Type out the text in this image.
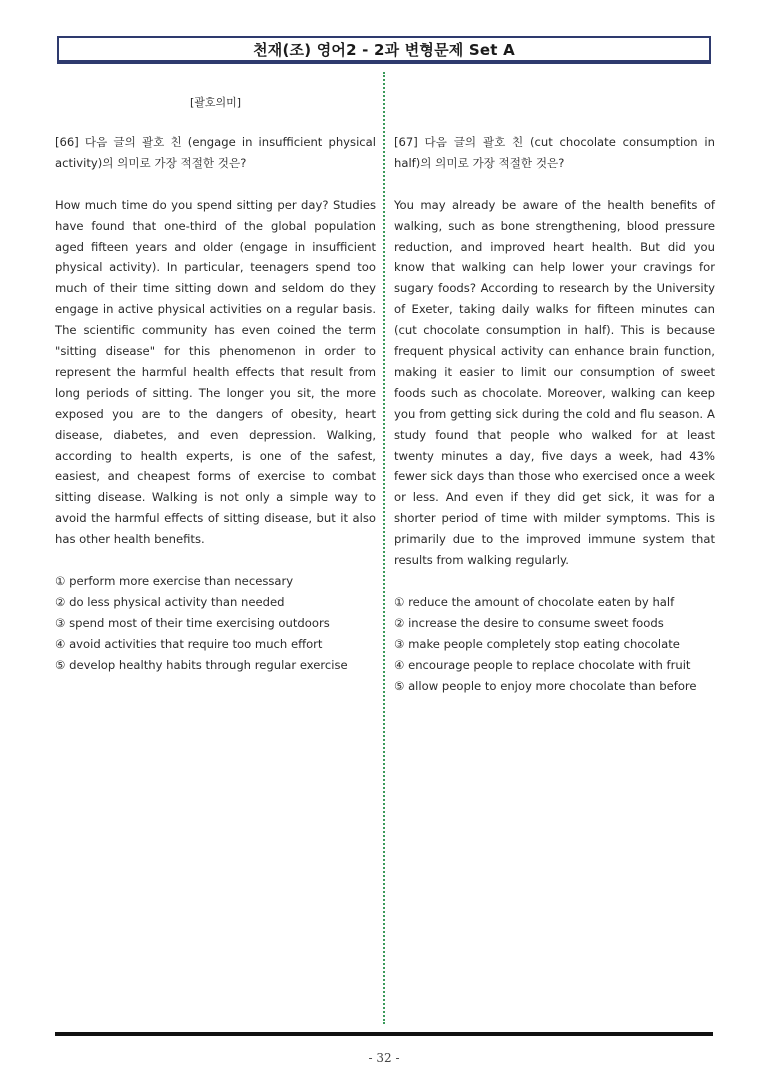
천재(조) 영어2 - 2과 변형문제 Set A
[괄호의미]

[66] 다음 글의 괄호 친 (engage in insufficient physical activity)의 의미로 가장 적절한 것은?

How much time do you spend sitting per day? Studies have found that one-third of the global population aged fifteen years and older (engage in insufficient physical activity). In particular, teenagers spend too much of their time sitting down and seldom do they engage in active physical activities on a regular basis. The scientific community has even coined the term "sitting disease" for this phenomenon in order to represent the harmful health effects that result from long periods of sitting. The longer you sit, the more exposed you are to the dangers of obesity, heart disease, diabetes, and even depression. Walking, according to health experts, is one of the safest, easiest, and cheapest forms of exercise to combat sitting disease. Walking is not only a simple way to avoid the harmful effects of sitting disease, but it also has other health benefits.

① perform more exercise than necessary
② do less physical activity than needed
③ spend most of their time exercising outdoors
④ avoid activities that require too much effort
⑤ develop healthy habits through regular exercise

[67] 다음 글의 괄호 친 (cut chocolate consumption in half)의 의미로 가장 적절한 것은?

You may already be aware of the health benefits of walking, such as bone strengthening, blood pressure reduction, and improved heart health. But did you know that walking can help lower your cravings for sugary foods? According to research by the University of Exeter, taking daily walks for fifteen minutes can (cut chocolate consumption in half). This is because frequent physical activity can enhance brain function, making it easier to limit our consumption of sweet foods such as chocolate. Moreover, walking can keep you from getting sick during the cold and flu season. A study found that people who walked for at least twenty minutes a day, five days a week, had 43% fewer sick days than those who exercised once a week or less. And even if they did get sick, it was for a shorter period of time with milder symptoms. This is primarily due to the improved immune system that results from walking regularly.

① reduce the amount of chocolate eaten by half
② increase the desire to consume sweet foods
③ make people completely stop eating chocolate
④ encourage people to replace chocolate with fruit
⑤ allow people to enjoy more chocolate than before
- 32 -
